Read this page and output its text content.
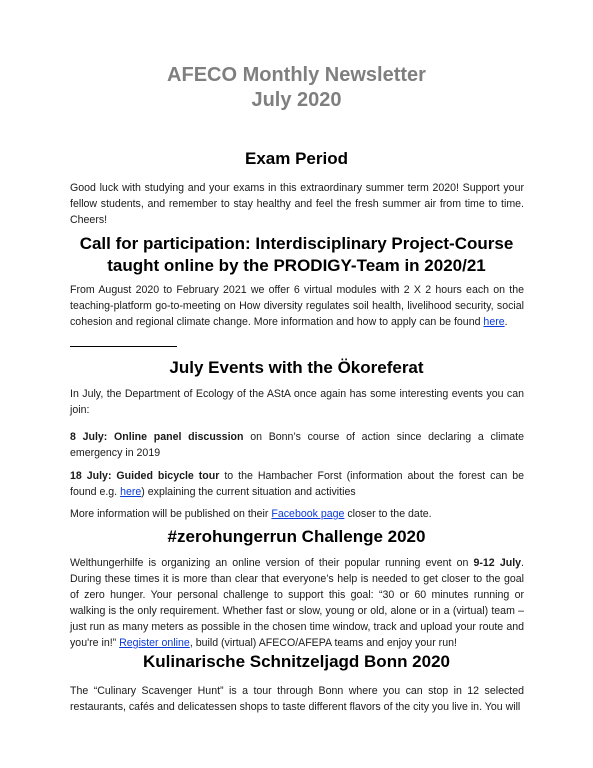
AFECO Monthly Newsletter
July 2020
Exam Period

Good luck with studying and your exams in this extraordinary summer term 2020! Support your fellow students, and remember to stay healthy and feel the fresh summer air from time to time. Cheers!

Call for participation: Interdisciplinary Project-Course taught online by the PRODIGY-Team in 2020/21

From August 2020 to February 2021 we offer 6 virtual modules with 2 X 2 hours each on the teaching-platform go-to-meeting on How diversity regulates soil health, livelihood security, social cohesion and regional climate change. More information and how to apply can be found here.

July Events with the Ökoreferat

In July, the Department of Ecology of the AStA once again has some interesting events you can join:

8 July: Online panel discussion on Bonn’s course of action since declaring a climate emergency in 2019

18 July: Guided bicycle tour to the Hambacher Forst (information about the forest can be found e.g. here) explaining the current situation and activities

More information will be published on their Facebook page closer to the date.

#zerohungerrun Challenge 2020

Welthungerhilfe is organizing an online version of their popular running event on 9-12 July. During these times it is more than clear that everyone’s help is needed to get closer to the goal of zero hunger. Your personal challenge to support this goal: “30 or 60 minutes running or walking is the only requirement. Whether fast or slow, young or old, alone or in a (virtual) team – just run as many meters as possible in the chosen time window, track and upload your route and you're in!” Register online, build (virtual) AFECO/AFEPA teams and enjoy your run!

Kulinarische Schnitzeljagd Bonn 2020

The “Culinary Scavenger Hunt” is a tour through Bonn where you can stop in 12 selected restaurants, cafés and delicatessen shops to taste different flavors of the city you live in. You will
